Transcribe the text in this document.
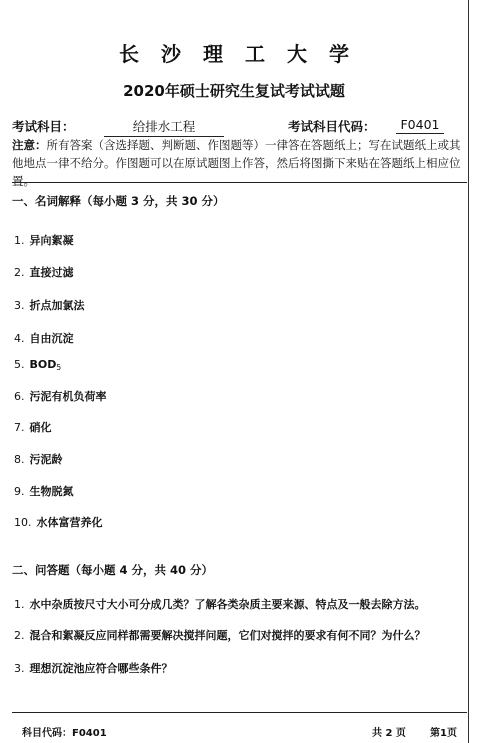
长沙理工大学
2020年硕士研究生复试考试试题
考试科目：	给排水工程	考试科目代码：	F0401
注意：所有答案（含选择题、判断题、作图题等）一律答在答题纸上；写在试题纸上或其他地点一律不给分。作图题可以在原试题图上作答，然后将图撕下来贴在答题纸上相应位置。
一、名词解释（每小题 3 分，共 30 分）
1. 异向絮凝
2. 直接过滤
3. 折点加氯法
4. 自由沉淀
5. $BOD_5$
6. 污泥有机负荷率
7. 硝化
8. 污泥龄
9. 生物脱氮
10. 水体富营养化
二、问答题（每小题 4 分，共 40 分）
1. 水中杂质按尺寸大小可分成几类？了解各类杂质主要来源、特点及一般去除方法。
2. 混合和絮凝反应同样都需要解决搅拌问题，它们对搅拌的要求有何不同？为什么？
3. 理想沉淀池应符合哪些条件？
科目代码：F0401	共 2 页 第1页
